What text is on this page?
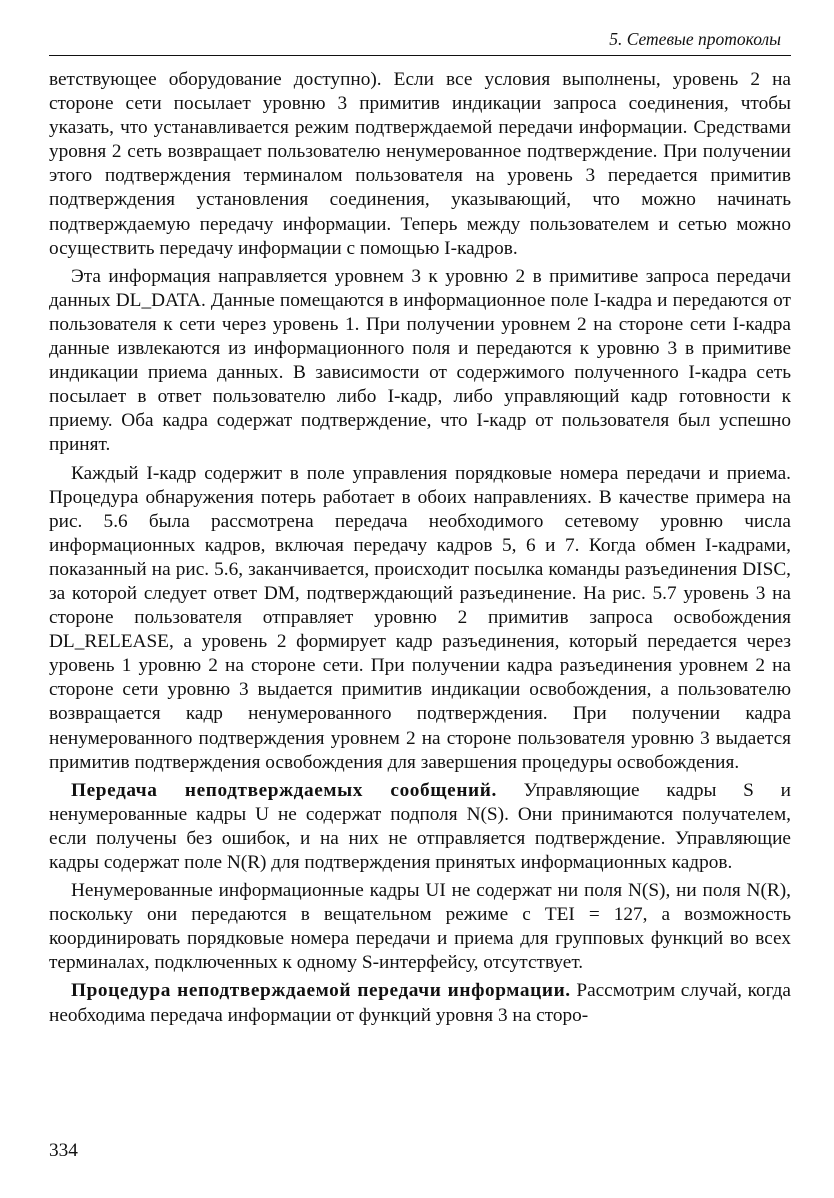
5. Сетевые протоколы

ветствующее оборудование доступно). Если все условия выполнены, уровень 2 на стороне сети посылает уровню 3 примитив индикации запроса соединения, чтобы указать, что устанавливается режим подтверждаемой передачи информации. Средствами уровня 2 сеть возвращает пользователю ненумерованное подтверждение. При получении этого подтверждения терминалом пользователя на уровень 3 передается примитив подтверждения установления соединения, указывающий, что можно начинать подтверждаемую передачу информации. Теперь между пользователем и сетью можно осуществить передачу информации с помощью I-кадров.

Эта информация направляется уровнем 3 к уровню 2 в примитиве запроса передачи данных DL_DATA. Данные помещаются в информационное поле I-кадра и передаются от пользователя к сети через уровень 1. При получении уровнем 2 на стороне сети I-кадра данные извлекаются из информационного поля и передаются к уровню 3 в примитиве индикации приема данных. В зависимости от содержимого полученного I-кадра сеть посылает в ответ пользователю либо I-кадр, либо управляющий кадр готовности к приему. Оба кадра содержат подтверждение, что I-кадр от пользователя был успешно принят.

Каждый I-кадр содержит в поле управления порядковые номера передачи и приема. Процедура обнаружения потерь работает в обоих направлениях. В качестве примера на рис. 5.6 была рассмотрена передача необходимого сетевому уровню числа информационных кадров, включая передачу кадров 5, 6 и 7. Когда обмен I-кадрами, показанный на рис. 5.6, заканчивается, происходит посылка команды разъединения DISC, за которой следует ответ DM, подтверждающий разъединение. На рис. 5.7 уровень 3 на стороне пользователя отправляет уровню 2 примитив запроса освобождения DL_RELEASE, а уровень 2 формирует кадр разъединения, который передается через уровень 1 уровню 2 на стороне сети. При получении кадра разъединения уровнем 2 на стороне сети уровню 3 выдается примитив индикации освобождения, а пользователю возвращается кадр ненумерованного подтверждения. При получении кадра ненумерованного подтверждения уровнем 2 на стороне пользователя уровню 3 выдается примитив подтверждения освобождения для завершения процедуры освобождения.

Передача неподтверждаемых сообщений. Управляющие кадры S и ненумерованные кадры U не содержат подполя N(S). Они принимаются получателем, если получены без ошибок, и на них не отправляется подтверждение. Управляющие кадры содержат поле N(R) для подтверждения принятых информационных кадров.

Ненумерованные информационные кадры UI не содержат ни поля N(S), ни поля N(R), поскольку они передаются в вещательном режиме с TEI = 127, а возможность координировать порядковые номера передачи и приема для групповых функций во всех терминалах, подключенных к одному S-интерфейсу, отсутствует.

Процедура неподтверждаемой передачи информации. Рассмотрим случай, когда необходима передача информации от функций уровня 3 на сторо-

334
